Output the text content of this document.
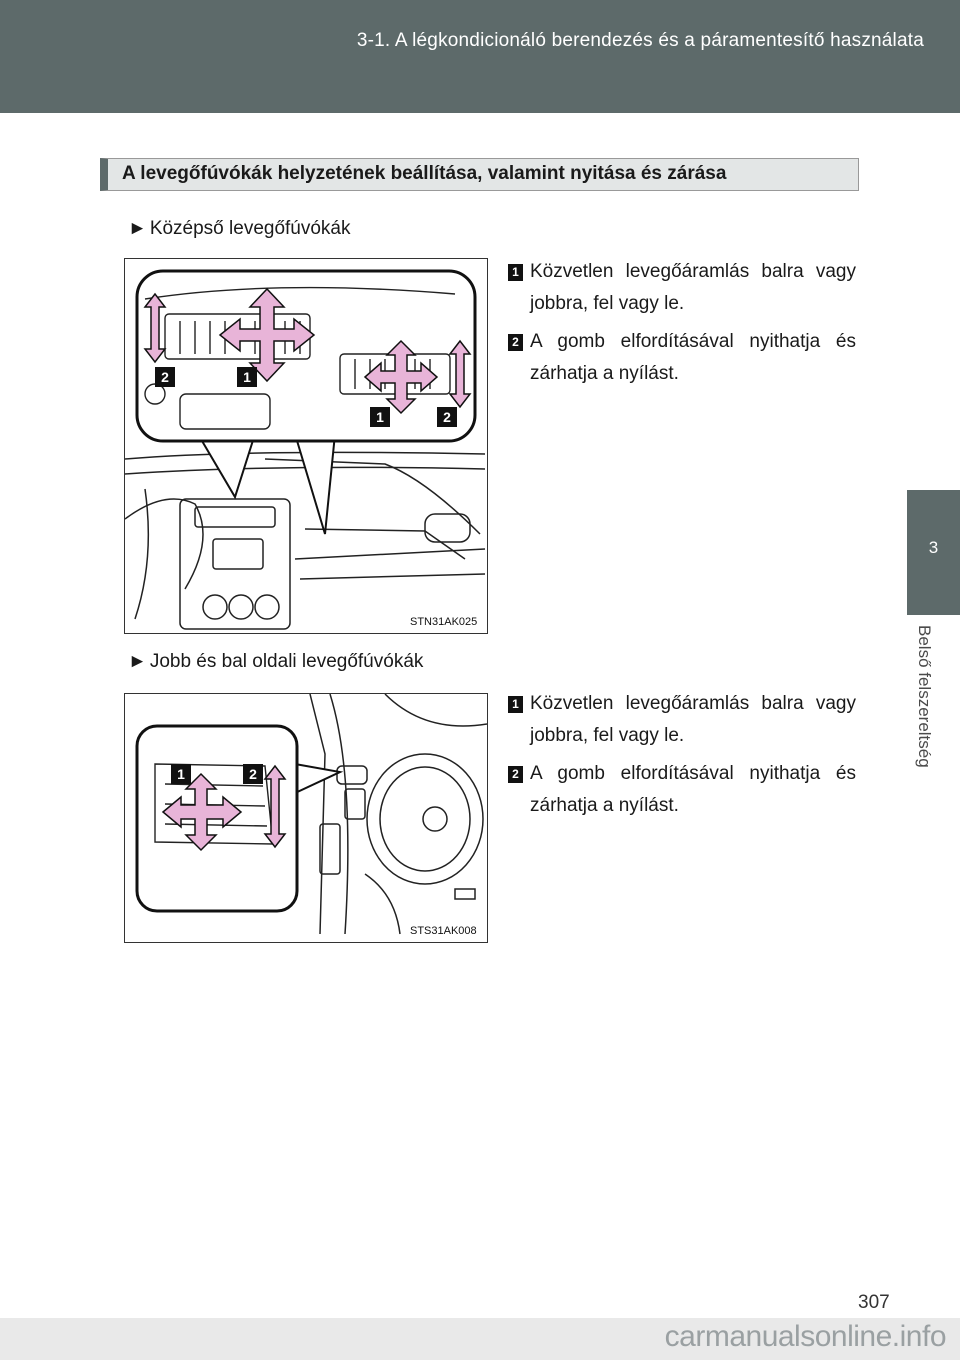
3-1. A légkondicionáló berendezés és a páramentesítő használata
3
Belső felszereltség
A levegőfúvókák helyzetének beállítása, valamint nyitása és zárása
► Középső levegőfúvókák
2	1
1	2
STN31AK025
1 Közvetlen levegőáramlás balra vagy jobbra, fel vagy le.
2 A gomb elfordításával nyithatja és zárhatja a nyílást.
► Jobb és bal oldali levegőfúvókák
1	2
STS31AK008
1 Közvetlen levegőáramlás balra vagy jobbra, fel vagy le.
2 A gomb elfordításával nyithatja és zárhatja a nyílást.
307
carmanualsonline.info
